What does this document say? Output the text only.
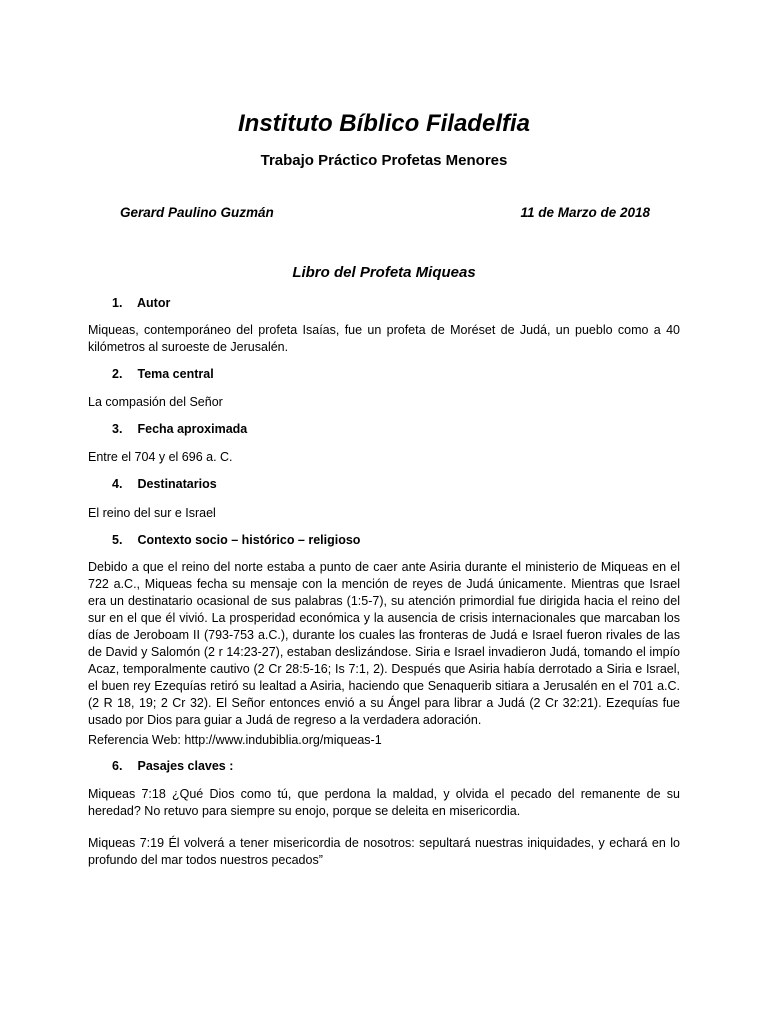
Instituto Bíblico Filadelfia
Trabajo Práctico Profetas Menores
Gerard Paulino Guzmán	11 de Marzo de 2018
Libro del Profeta Miqueas
1. Autor
Miqueas, contemporáneo del profeta Isaías, fue un profeta de Moréset de Judá, un pueblo como a 40 kilómetros al suroeste de Jerusalén.
2. Tema central
La compasión del Señor
3. Fecha aproximada
Entre el 704 y el 696 a. C.
4. Destinatarios
El reino del sur e Israel
5. Contexto socio – histórico – religioso
Debido a que el reino del norte estaba a punto de caer ante Asiria durante el ministerio de Miqueas en el 722 a.C., Miqueas fecha su mensaje con la mención de reyes de Judá únicamente. Mientras que Israel era un destinatario ocasional de sus palabras (1:5-7), su atención primordial fue dirigida hacia el reino del sur en el que él vivió. La prosperidad económica y la ausencia de crisis internacionales que marcaban los días de Jeroboam II (793-753 a.C.), durante los cuales las fronteras de Judá e Israel fueron rivales de las de David y Salomón (2 r 14:23-27), estaban deslizándose. Siria e Israel invadieron Judá, tomando el impío Acaz, temporalmente cautivo (2 Cr 28:5-16; Is 7:1, 2). Después que Asiria había derrotado a Siria e Israel, el buen rey Ezequías retiró su lealtad a Asiria, haciendo que Senaquerib sitiara a Jerusalén en el 701 a.C. (2 R 18, 19; 2 Cr 32). El Señor entonces envió a su Ángel para librar a Judá (2 Cr 32:21). Ezequías fue usado por Dios para guiar a Judá de regreso a la verdadera adoración.
Referencia Web: http://www.indubiblia.org/miqueas-1
6. Pasajes claves :
Miqueas 7:18 ¿Qué Dios como tú, que perdona la maldad, y olvida el pecado del remanente de su heredad? No retuvo para siempre su enojo, porque se deleita en misericordia.
Miqueas 7:19 Él volverá a tener misericordia de nosotros: sepultará nuestras iniquidades, y echará en lo profundo del mar todos nuestros pecados”
